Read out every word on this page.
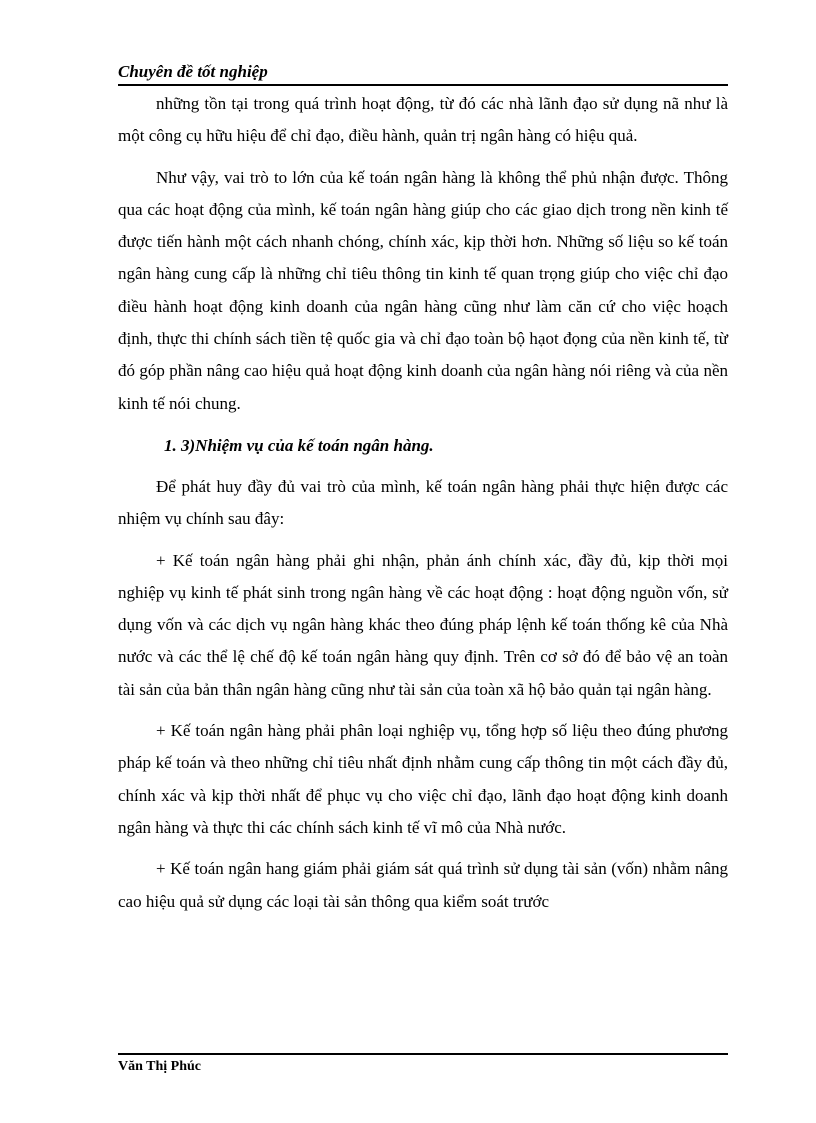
Chuyên đề tốt nghiệp

những tồn tại trong quá trình hoạt động, từ đó các nhà lãnh đạo sử dụng nã như là một công cụ hữu hiệu để chỉ đạo, điều hành, quản trị ngân hàng có hiệu quả.

Như vậy, vai trò to lớn của kế toán ngân hàng là không thể phủ nhận được. Thông qua các hoạt động của mình, kế toán ngân hàng giúp cho các giao dịch trong nền kinh tế được tiến hành một cách nhanh chóng, chính xác, kịp thời hơn. Những số liệu so kế toán ngân hàng cung cấp là những chỉ tiêu thông tin kinh tế quan trọng giúp cho việc chỉ đạo điều hành hoạt động kinh doanh của ngân hàng cũng như làm căn cứ cho việc hoạch định, thực thi chính sách tiền tệ quốc gia và chỉ đạo toàn bộ hạot đọng của nền kinh tế, từ đó góp phần nâng cao hiệu quả hoạt động kinh doanh của ngân hàng nói riêng và của nền kinh tế nói chung.

1. 3)Nhiệm vụ của kế toán ngân hàng.

Để phát huy đầy đủ vai trò của mình, kế toán ngân hàng phải thực hiện được các nhiệm vụ chính sau đây:

+ Kế toán ngân hàng phải ghi nhận, phản ánh chính xác, đầy đủ, kịp thời mọi nghiệp vụ kinh tế phát sinh trong ngân hàng về các hoạt động : hoạt động nguồn vốn, sử dụng vốn và các dịch vụ ngân hàng khác theo đúng pháp lệnh kế toán thống kê của Nhà nước và các thể lệ chế độ kế toán ngân hàng quy định. Trên cơ sở đó để bảo vệ an toàn tài sản của bản thân ngân hàng cũng như tài sản của toàn xã hộ bảo quản tại ngân hàng.

+ Kế toán ngân hàng phải phân loại nghiệp vụ, tổng hợp số liệu theo đúng phương pháp kế toán và theo những chỉ tiêu nhất định nhằm cung cấp thông tin một cách đầy đủ, chính xác và kịp thời nhất để phục vụ cho việc chỉ đạo, lãnh đạo hoạt động kinh doanh ngân hàng và thực thi các chính sách kinh tế vĩ mô của Nhà nước.

+ Kế toán ngân hang giám phải giám sát quá trình sử dụng tài sản (vốn) nhằm nâng cao hiệu quả sử dụng các loại tài sản thông qua kiểm soát trước

Văn Thị Phúc
